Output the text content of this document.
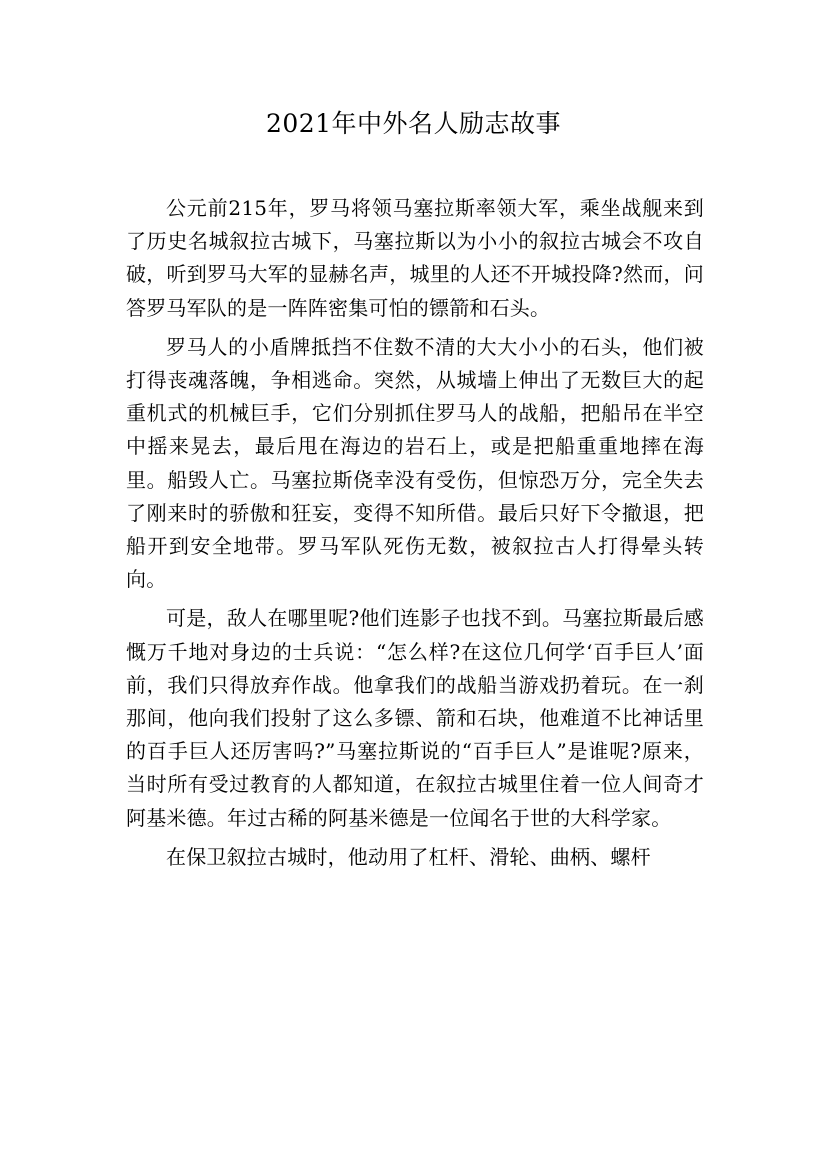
2021年中外名人励志故事

公元前215年，罗马将领马塞拉斯率领大军，乘坐战舰来到了历史名城叙拉古城下，马塞拉斯以为小小的叙拉古城会不攻自破，听到罗马大军的显赫名声，城里的人还不开城投降?然而，问答罗马军队的是一阵阵密集可怕的镖箭和石头。

罗马人的小盾牌抵挡不住数不清的大大小小的石头，他们被打得丧魂落魄，争相逃命。突然，从城墙上伸出了无数巨大的起重机式的机械巨手，它们分别抓住罗马人的战船，把船吊在半空中摇来晃去，最后甩在海边的岩石上，或是把船重重地摔在海里。船毁人亡。马塞拉斯侥幸没有受伤，但惊恐万分，完全失去了刚来时的骄傲和狂妄，变得不知所借。最后只好下令撤退，把船开到安全地带。罗马军队死伤无数，被叙拉古人打得晕头转向。

可是，敌人在哪里呢?他们连影子也找不到。马塞拉斯最后感慨万千地对身边的士兵说：“怎么样?在这位几何学‘百手巨人’面前，我们只得放弃作战。他拿我们的战船当游戏扔着玩。在一刹那间，他向我们投射了这么多镖、箭和石块，他难道不比神话里的百手巨人还厉害吗?”马塞拉斯说的“百手巨人”是谁呢?原来，当时所有受过教育的人都知道，在叙拉古城里住着一位人间奇才阿基米德。年过古稀的阿基米德是一位闻名于世的大科学家。

在保卫叙拉古城时，他动用了杠杆、滑轮、曲柄、螺杆
